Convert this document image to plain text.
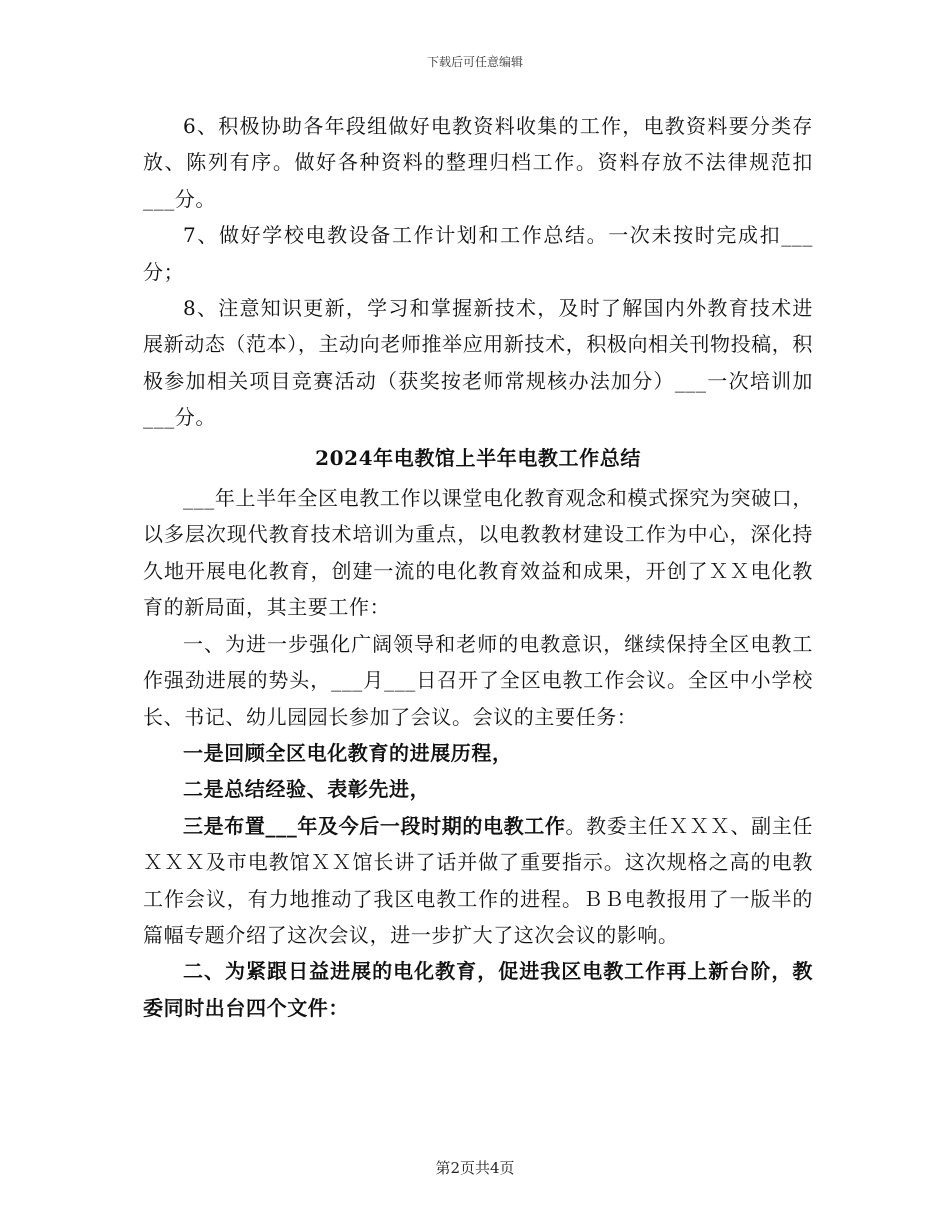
下载后可任意编辑

6、积极协助各年段组做好电教资料收集的工作，电教资料要分类存放、陈列有序。做好各种资料的整理归档工作。资料存放不法律规范扣___分。

7、做好学校电教设备工作计划和工作总结。一次未按时完成扣___分；

8、注意知识更新，学习和掌握新技术，及时了解国内外教育技术进展新动态（范本），主动向老师推举应用新技术，积极向相关刊物投稿，积极参加相关项目竞赛活动（获奖按老师常规核办法加分）___一次培训加___分。

2024年电教馆上半年电教工作总结

___年上半年全区电教工作以课堂电化教育观念和模式探究为突破口，以多层次现代教育技术培训为重点，以电教教材建设工作为中心，深化持久地开展电化教育，创建一流的电化教育效益和成果，开创了ＸＸ电化教育的新局面，其主要工作：

一、为进一步强化广阔领导和老师的电教意识，继续保持全区电教工作强劲进展的势头，___月___日召开了全区电教工作会议。全区中小学校长、书记、幼儿园园长参加了会议。会议的主要任务：

一是回顾全区电化教育的进展历程，

二是总结经验、表彰先进，

三是布置___年及今后一段时期的电教工作。教委主任ＸＸＸ、副主任ＸＸＸ及市电教馆ＸＸ馆长讲了话并做了重要指示。这次规格之高的电教工作会议，有力地推动了我区电教工作的进程。ＢＢ电教报用了一版半的篇幅专题介绍了这次会议，进一步扩大了这次会议的影响。

二、为紧跟日益进展的电化教育，促进我区电教工作再上新台阶，教委同时出台四个文件：

第2页共4页
